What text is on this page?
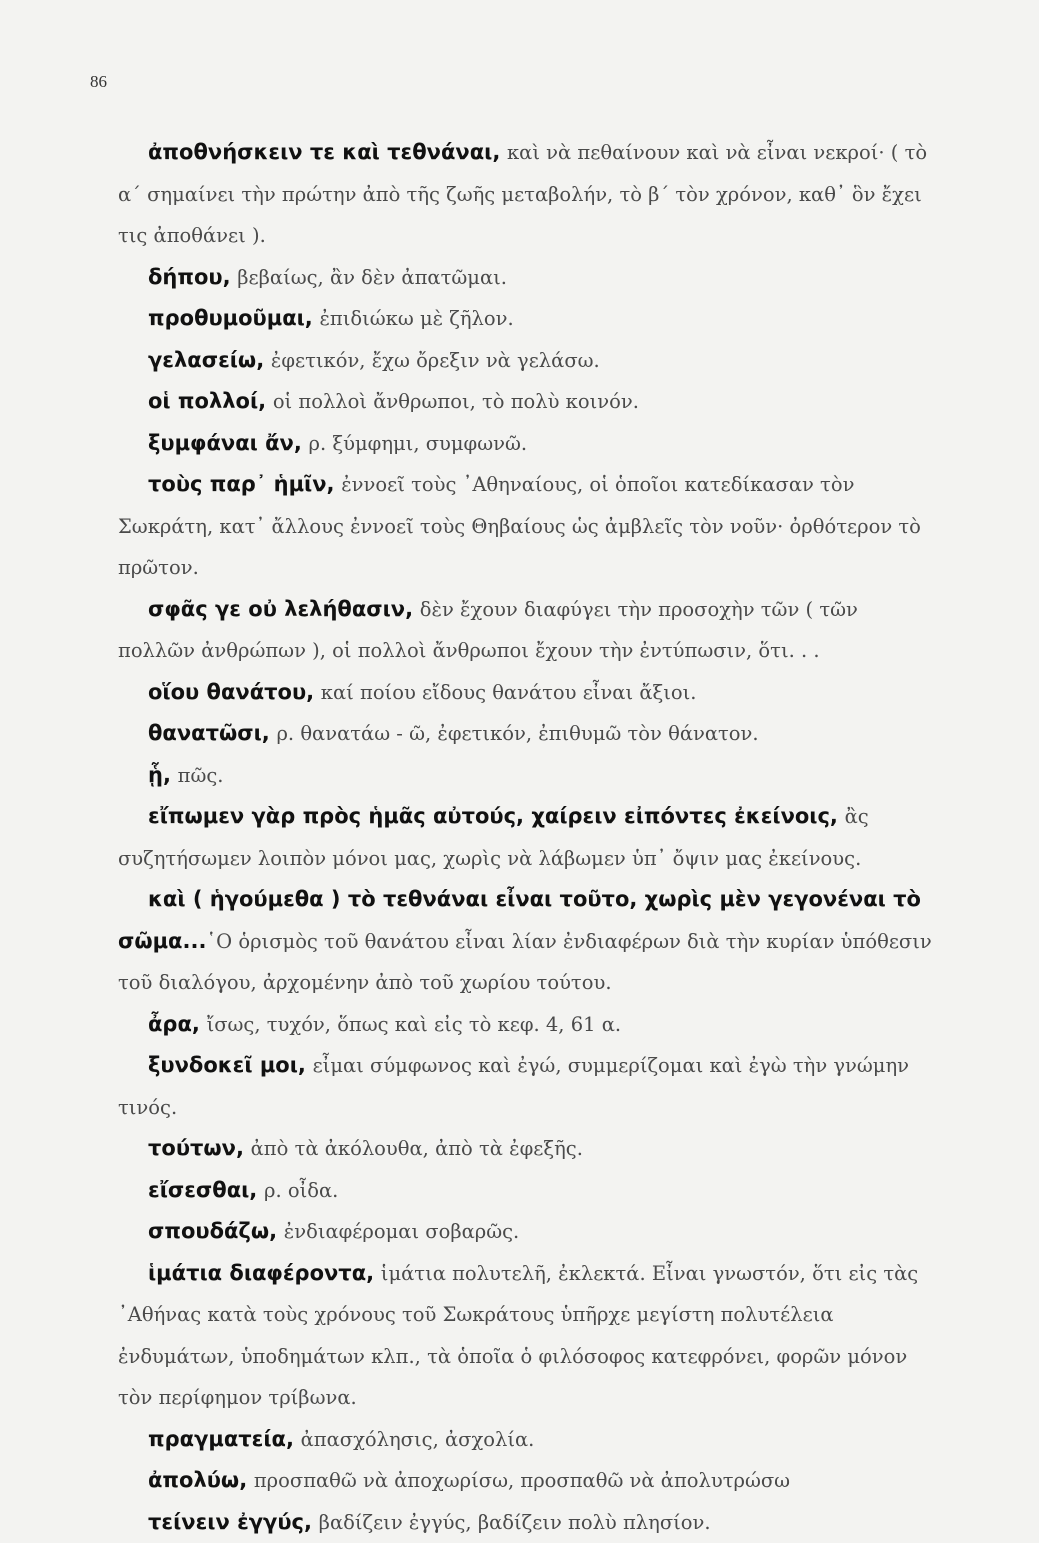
86
ἀποθνήσκειν τε καὶ τεθνάναι, καὶ νὰ πεθαίνουν καὶ νὰ εἶναι νεκροί· ( τὸ α΄ σημαίνει τὴν πρώτην ἀπὸ τῆς ζωῆς μεταβολήν, τὸ β΄ τὸν χρόνον, καθ᾿ ὃν ἔχει τις ἀποθάνει ).
δήπου, βεβαίως, ἂν δὲν ἀπατῶμαι.
προθυμοῦμαι, ἐπιδιώκω μὲ ζῆλον.
γελασείω, ἐφετικόν, ἔχω ὄρεξιν νὰ γελάσω.
οἱ πολλοί, οἱ πολλοὶ ἄνθρωποι, τὸ πολὺ κοινόν.
ξυμφάναι ἄν, ρ. ξύμφημι, συμφωνῶ.
τοὺς παρ᾿ ἡμῖν, ἐννοεῖ τοὺς ᾿Αθηναίους, οἱ ὁποῖοι κατεδίκασαν τὸν Σωκράτη, κατ᾿ ἄλλους ἐννοεῖ τοὺς Θηβαίους ὡς ἀμβλεῖς τὸν νοῦν· ὀρθότερον τὸ πρῶτον.
σφᾶς γε οὐ λελήθασιν, δὲν ἔχουν διαφύγει τὴν προσοχὴν τῶν ( τῶν πολλῶν ἀνθρώπων ), οἱ πολλοὶ ἄνθρωποι ἔχουν τὴν ἐντύπωσιν, ὅτι. . .
οἵου θανάτου, καί ποίου εἴδους θανάτου εἶναι ἄξιοι.
θανατῶσι, ρ. θανατάω - ῶ, ἐφετικόν, ἐπιθυμῶ τὸν θάνατον.
ᾗ, πῶς.
εἴπωμεν γὰρ πρὸς ἡμᾶς αὐτούς, χαίρειν εἰπόντες ἐκείνοις, ἂς συζητήσωμεν λοιπὸν μόνοι μας, χωρὶς νὰ λάβωμεν ὑπ᾿ ὄψιν μας ἐκείνους.
καὶ ( ἡγούμεθα ) τὸ τεθνάναι εἶναι τοῦτο, χωρὶς μὲν γεγονέναι τὸ σῶμα...῾Ο ὁρισμὸς τοῦ θανάτου εἶναι λίαν ἐνδιαφέρων διὰ τὴν κυρίαν ὑπόθεσιν τοῦ διαλόγου, ἀρχομένην ἀπὸ τοῦ χωρίου τούτου.
ἆρα, ἴσως, τυχόν, ὅπως καὶ εἰς τὸ κεφ. 4, 61 α.
ξυνδοκεῖ μοι, εἶμαι σύμφωνος καὶ ἐγώ, συμμερίζομαι καὶ ἐγὼ τὴν γνώμην τινός.
τούτων, ἀπὸ τὰ ἀκόλουθα, ἀπὸ τὰ ἐφεξῆς.
εἴσεσθαι, ρ. οἶδα.
σπουδάζω, ἐνδιαφέρομαι σοβαρῶς.
ἱμάτια διαφέροντα, ἱμάτια πολυτελῆ, ἐκλεκτά. Εἶναι γνωστόν, ὅτι εἰς τὰς ᾿Αθήνας κατὰ τοὺς χρόνους τοῦ Σωκράτους ὑπῆρχε μεγίστη πολυτέλεια ἐνδυμάτων, ὑποδημάτων κλπ., τὰ ὁποῖα ὁ φιλόσοφος κατεφρόνει, φορῶν μόνον τὸν περίφημον τρίβωνα.
πραγματεία, ἀπασχόλησις, ἀσχολία.
ἀπολύω, προσπαθῶ νὰ ἀποχωρίσω, προσπαθῶ νὰ ἀπολυτρώσω
τείνειν ἐγγύς, βαδίζειν ἐγγύς, βαδίζειν πολὺ πλησίον.
